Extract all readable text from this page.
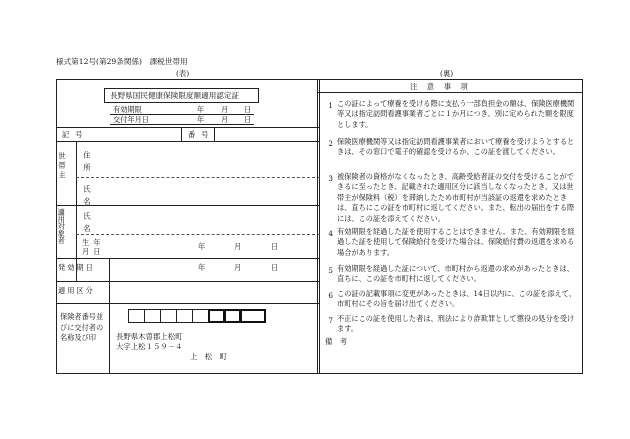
様式第12号(第29条関係)　課税世帯用
(表)	(裏)
長野県国民健康保険限度額適用認定証
有効期限	年 月 日
交付年月日	年 月 日
記号	番号
世帯主 住所
氏名
適用対象者 氏名
生年月日
年	月	日
発効期日	年	月	日
適用区分
保険者番号並びに交付者の名称及び印	長野県木曽郡上松町
大字上松１５９－４
上　松　町
注　意　事　項
1 この証によって療養を受ける際に支払う一部負担金の額は、保険医療機関等又は指定訪問看護事業者ごとに１か月につき、別に定められた額を限度とします。
2 保険医療機関等又は指定訪問看護事業者において療養を受けようとするときは、その窓口で電子的確認を受けるか、この証を渡してください。
3 被保険者の資格がなくなったとき、高齢受給者証の交付を受けることができるに至ったとき、記載された適用区分に該当しなくなったとき、又は世帯主が保険料（税）を滞納したため市町村が当該証の返還を求めたときは、直ちにこの証を市町村に返してください。また、転出の届出をする際には、この証を添えてください。
4 有効期限を経過した証を使用することはできません。また、有効期限を経過した証を使用して保険給付を受けた場合は、保険給付費の返還を求める場合があります。
5 有効期限を経過した証について、市町村から返還の求めがあったときは、直ちに、この証を市町村に返してください。
6 この証の記載事項に変更があったときは、14日以内に、この証を添えて、市町村にその旨を届け出てください。
7 不正にこの証を使用した者は、刑法により詐欺罪として懲役の処分を受けます。
備　考
